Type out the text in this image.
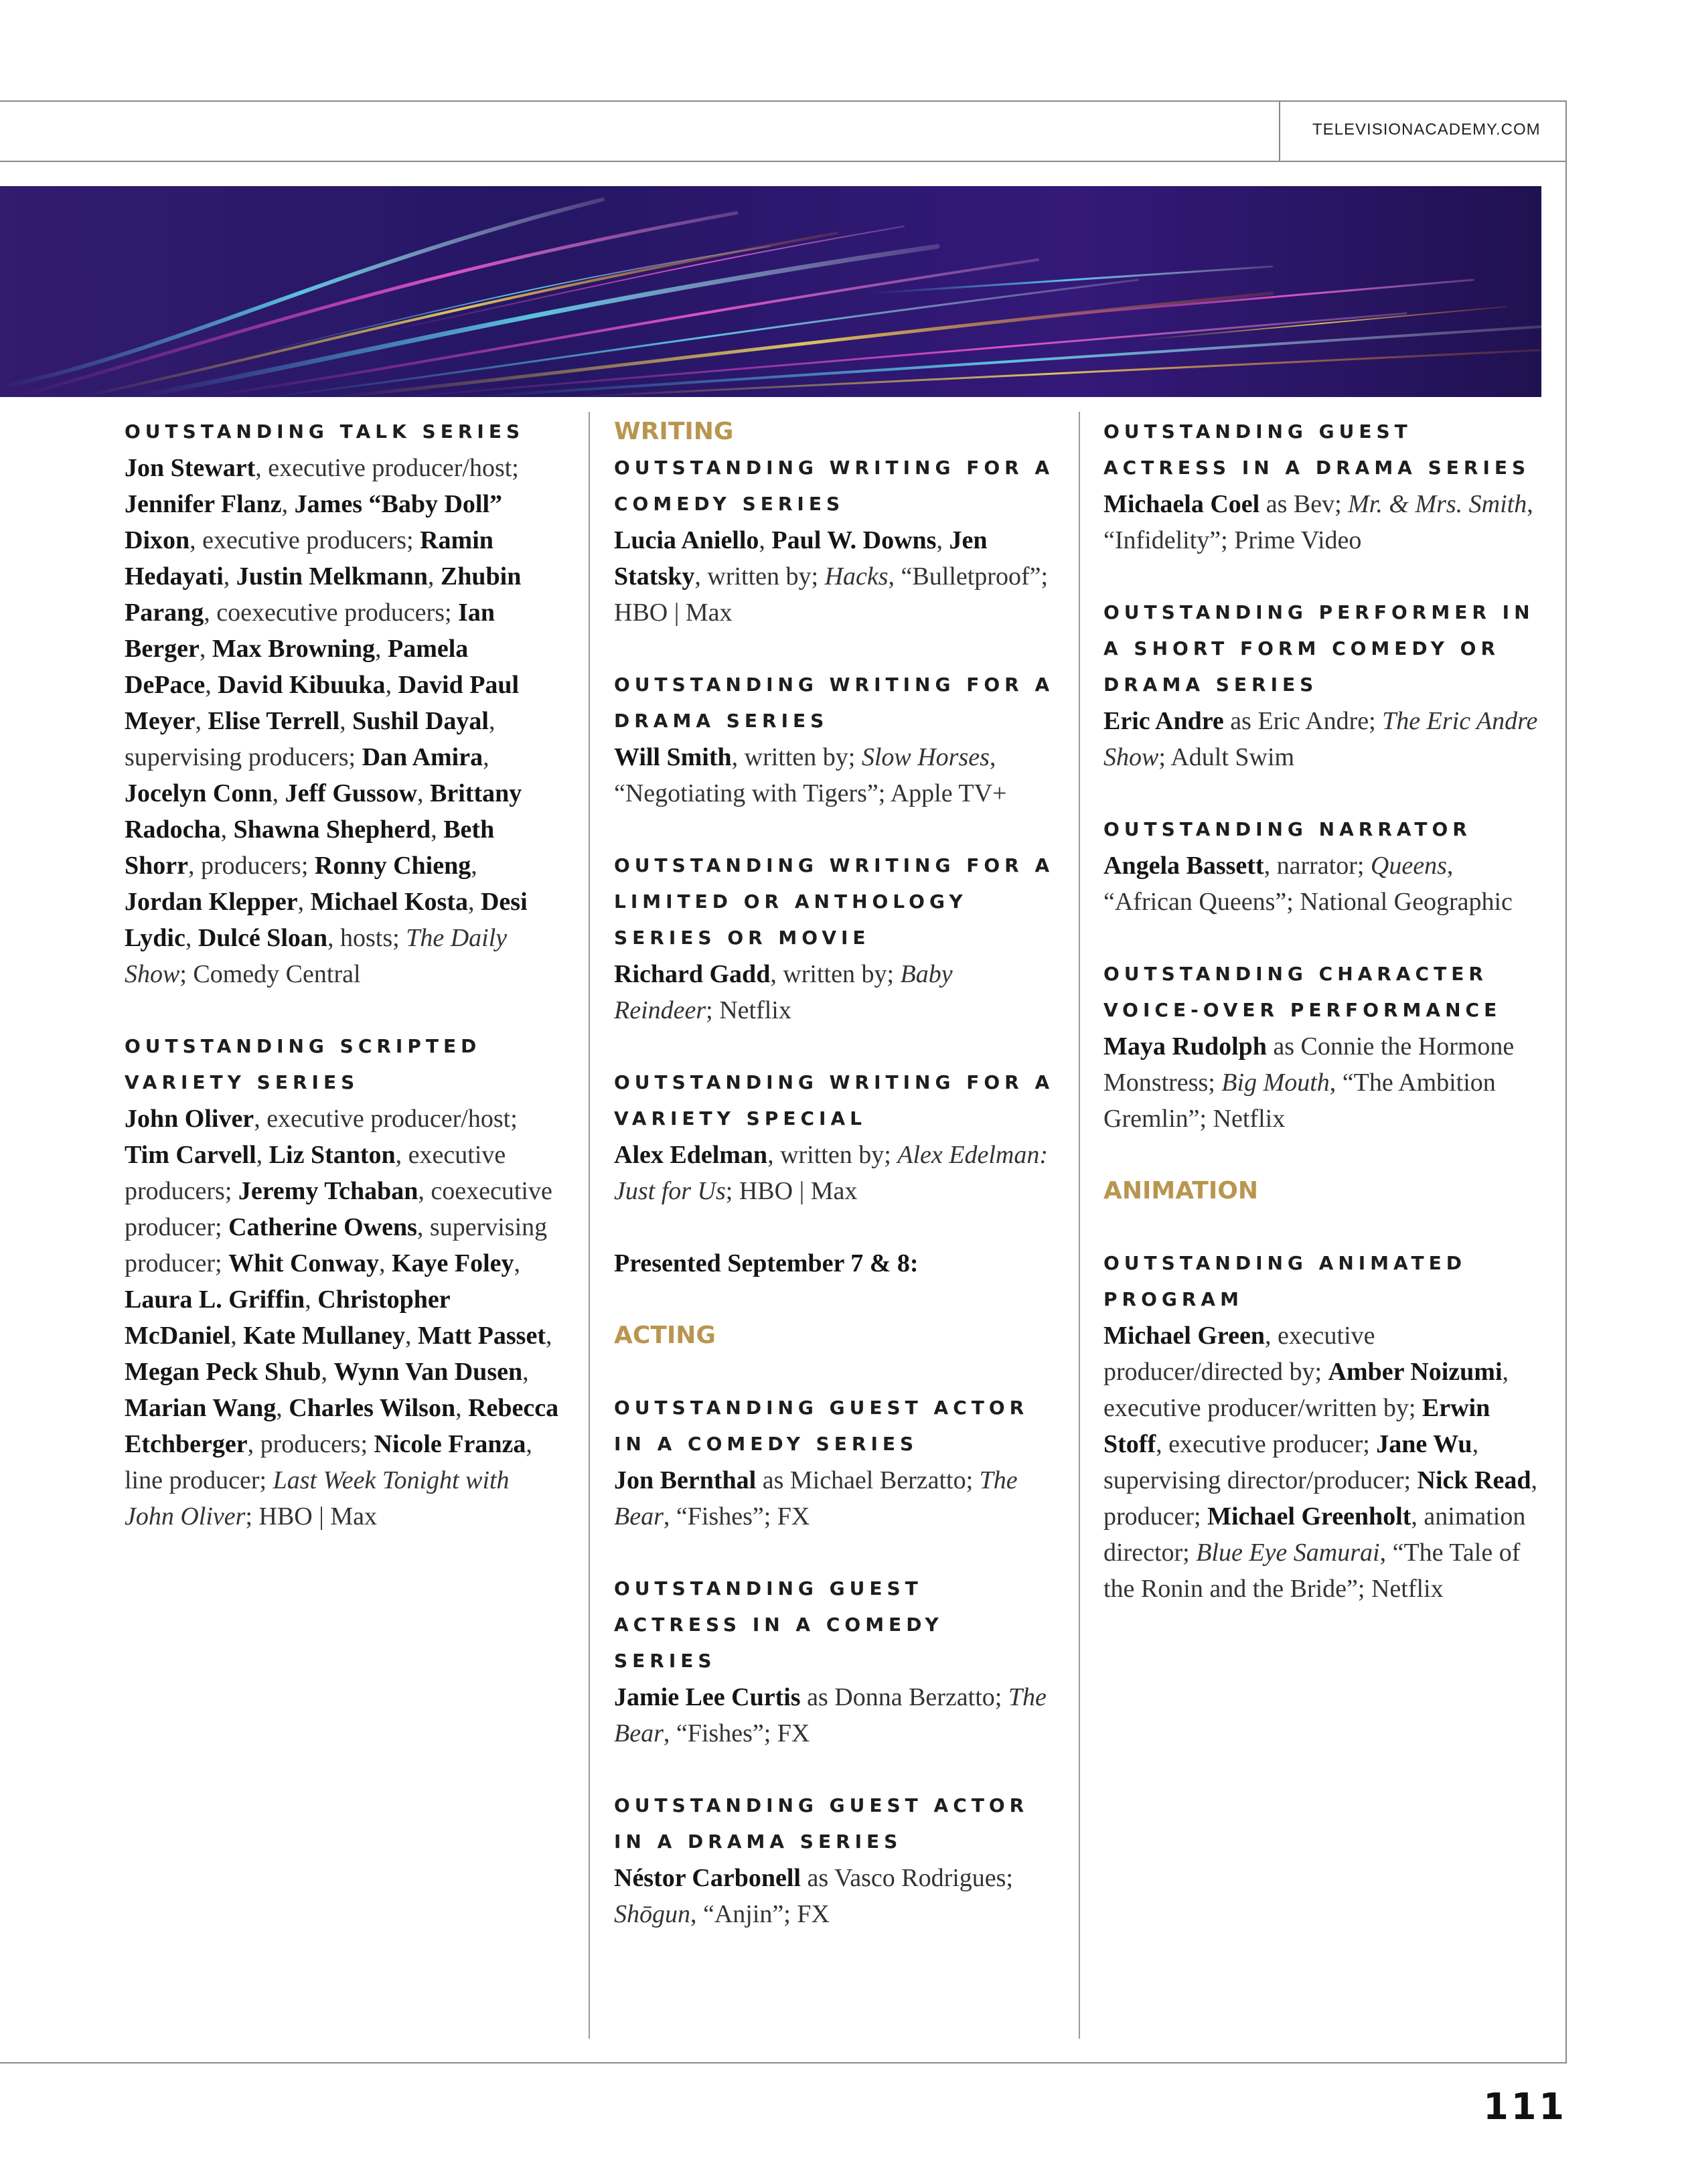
TELEVISIONACADEMY.COM

OUTSTANDING TALK SERIES

Jon Stewart, executive producer/host; Jennifer Flanz, James “Baby Doll” Dixon, executive producers; Ramin Hedayati, Justin Melkmann, Zhubin Parang, coexecutive producers; Ian Berger, Max Browning, Pamela DePace, David Kibuuka, David Paul Meyer, Elise Terrell, Sushil Dayal, supervising producers; Dan Amira, Jocelyn Conn, Jeff Gussow, Brittany Radocha, Shawna Shepherd, Beth Shorr, producers; Ronny Chieng, Jordan Klepper, Michael Kosta, Desi Lydic, Dulcé Sloan, hosts; The Daily Show; Comedy Central

OUTSTANDING SCRIPTED VARIETY SERIES

John Oliver, executive producer/host; Tim Carvell, Liz Stanton, executive producers; Jeremy Tchaban, coexecutive producer; Catherine Owens, supervising producer; Whit Conway, Kaye Foley, Laura L. Griffin, Christopher McDaniel, Kate Mullaney, Matt Passet, Megan Peck Shub, Wynn Van Dusen, Marian Wang, Charles Wilson, Rebecca Etchberger, producers; Nicole Franza, line producer; Last Week Tonight with John Oliver; HBO | Max

WRITING

OUTSTANDING WRITING FOR A COMEDY SERIES

Lucia Aniello, Paul W. Downs, Jen Statsky, written by; Hacks, “Bulletproof”; HBO | Max

OUTSTANDING WRITING FOR A DRAMA SERIES

Will Smith, written by; Slow Horses, “Negotiating with Tigers”; Apple TV+

OUTSTANDING WRITING FOR A LIMITED OR ANTHOLOGY SERIES OR MOVIE

Richard Gadd, written by; Baby Reindeer; Netflix

OUTSTANDING WRITING FOR A VARIETY SPECIAL

Alex Edelman, written by; Alex Edelman: Just for Us; HBO | Max

Presented September 7 & 8:

ACTING

OUTSTANDING GUEST ACTOR IN A COMEDY SERIES

Jon Bernthal as Michael Berzatto; The Bear, “Fishes”; FX

OUTSTANDING GUEST ACTRESS IN A COMEDY SERIES

Jamie Lee Curtis as Donna Berzatto; The Bear, “Fishes”; FX

OUTSTANDING GUEST ACTOR IN A DRAMA SERIES

Néstor Carbonell as Vasco Rodrigues; Shōgun, “Anjin”; FX

OUTSTANDING GUEST ACTRESS IN A DRAMA SERIES

Michaela Coel as Bev; Mr. & Mrs. Smith, “Infidelity”; Prime Video

OUTSTANDING PERFORMER IN A SHORT FORM COMEDY OR DRAMA SERIES

Eric Andre as Eric Andre; The Eric Andre Show; Adult Swim

OUTSTANDING NARRATOR

Angela Bassett, narrator; Queens, “African Queens”; National Geographic

OUTSTANDING CHARACTER VOICE-OVER PERFORMANCE

Maya Rudolph as Connie the Hormone Monstress; Big Mouth, “The Ambition Gremlin”; Netflix

ANIMATION

OUTSTANDING ANIMATED PROGRAM

Michael Green, executive producer/directed by; Amber Noizumi, executive producer/written by; Erwin Stoff, executive producer; Jane Wu, supervising director/producer; Nick Read, producer; Michael Greenholt, animation director; Blue Eye Samurai, “The Tale of the Ronin and the Bride”; Netflix

111
